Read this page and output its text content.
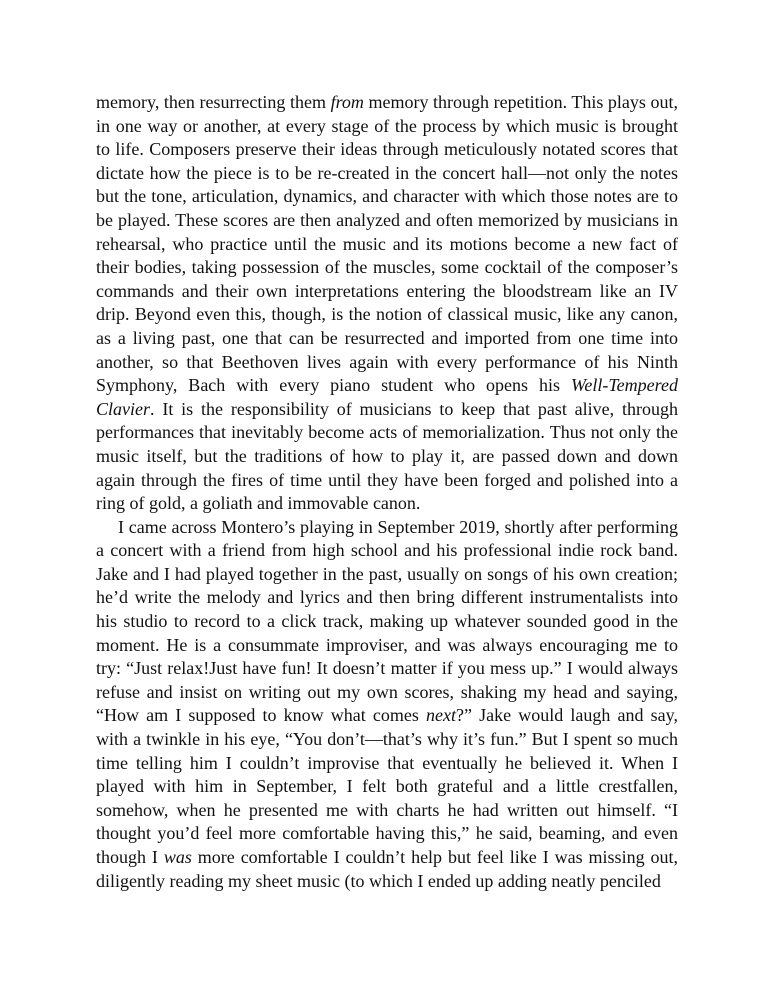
memory, then resurrecting them from memory through repetition. This plays out, in one way or another, at every stage of the process by which music is brought to life. Composers preserve their ideas through meticulously notated scores that dictate how the piece is to be re-created in the concert hall—not only the notes but the tone, articulation, dynamics, and character with which those notes are to be played. These scores are then analyzed and often memorized by musicians in rehearsal, who practice until the music and its motions become a new fact of their bodies, taking possession of the muscles, some cocktail of the composer’s commands and their own interpretations entering the bloodstream like an IV drip. Beyond even this, though, is the notion of classical music, like any canon, as a living past, one that can be resurrected and imported from one time into another, so that Beethoven lives again with every performance of his Ninth Symphony, Bach with every piano student who opens his Well-Tempered Clavier. It is the responsibility of musicians to keep that past alive, through performances that inevitably become acts of memorialization. Thus not only the music itself, but the traditions of how to play it, are passed down and down again through the fires of time until they have been forged and polished into a ring of gold, a goliath and immovable canon.

I came across Montero’s playing in September 2019, shortly after performing a concert with a friend from high school and his professional indie rock band. Jake and I had played together in the past, usually on songs of his own creation; he’d write the melody and lyrics and then bring different instrumentalists into his studio to record to a click track, making up whatever sounded good in the moment. He is a consummate improviser, and was always encouraging me to try: “Just relax!Just have fun! It doesn’t matter if you mess up.” I would always refuse and insist on writing out my own scores, shaking my head and saying, “How am I supposed to know what comes next?” Jake would laugh and say, with a twinkle in his eye, “You don’t—that’s why it’s fun.” But I spent so much time telling him I couldn’t improvise that eventually he believed it. When I played with him in September, I felt both grateful and a little crestfallen, somehow, when he presented me with charts he had written out himself. “I thought you’d feel more comfortable having this,” he said, beaming, and even though I was more comfortable I couldn’t help but feel like I was missing out, diligently reading my sheet music (to which I ended up adding neatly penciled
